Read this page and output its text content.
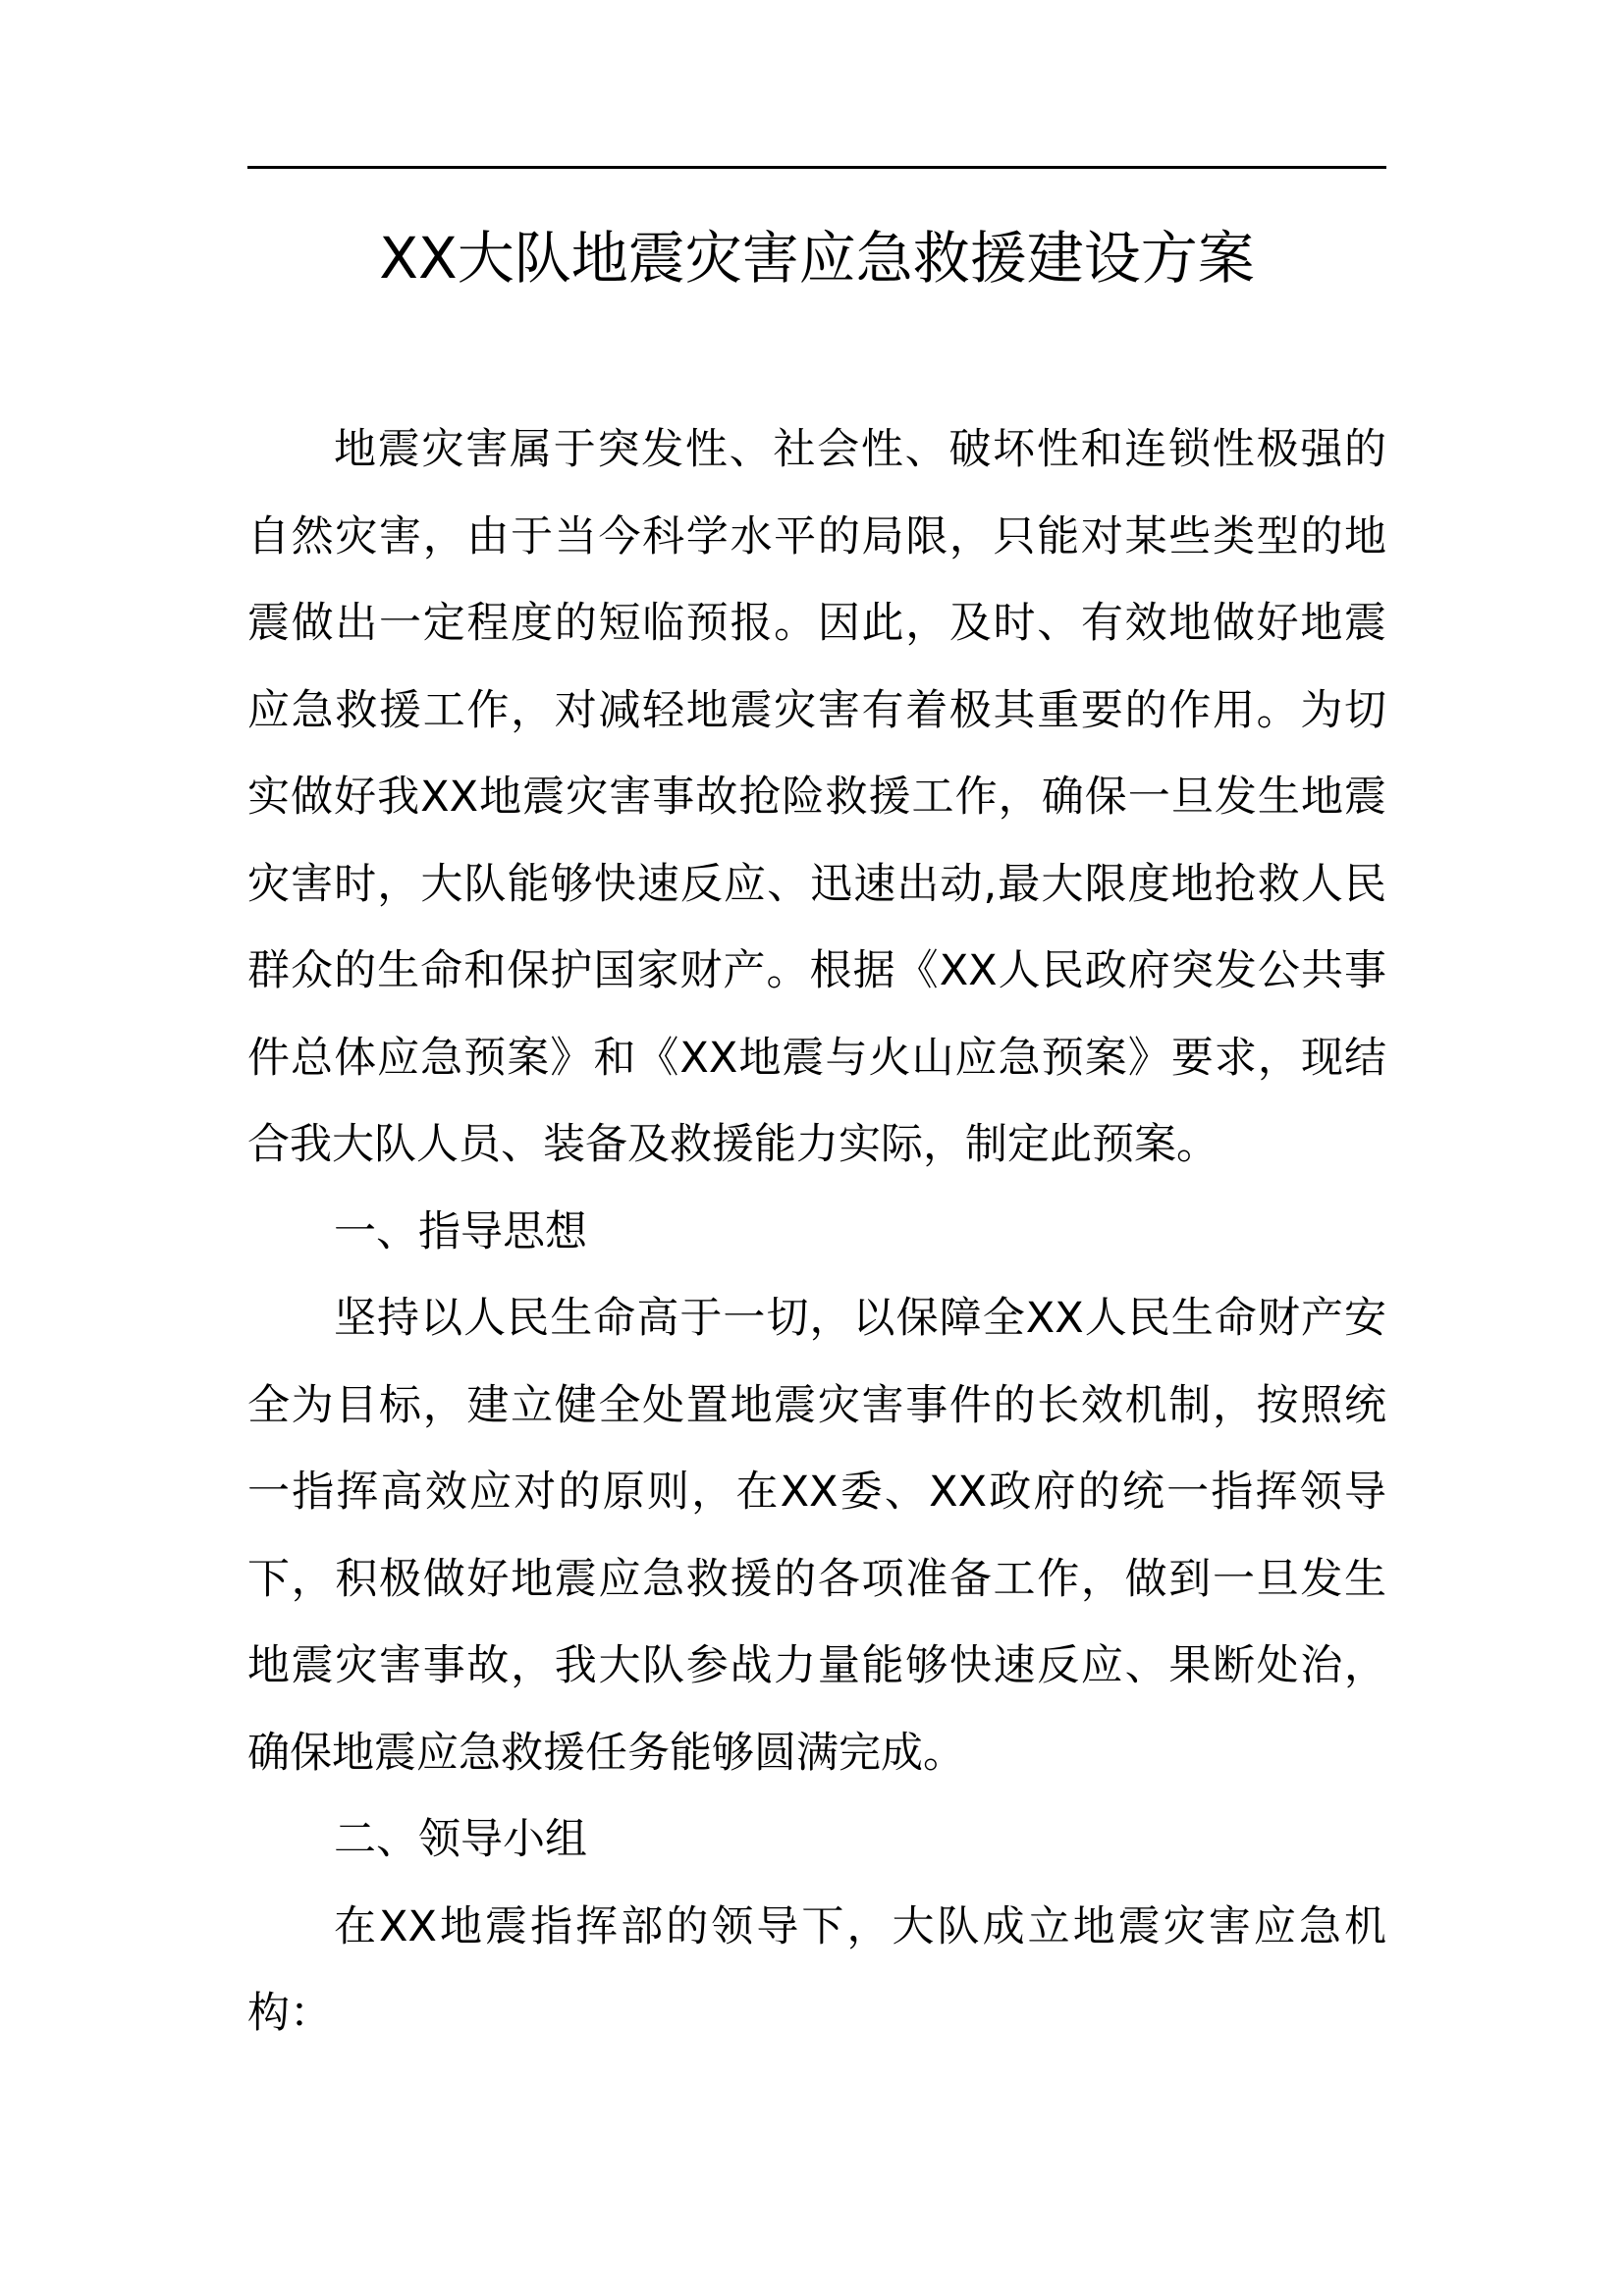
XX大队地震灾害应急救援建设方案

地震灾害属于突发性、社会性、破坏性和连锁性极强的自然灾害，由于当今科学水平的局限，只能对某些类型的地震做出一定程度的短临预报。因此，及时、有效地做好地震应急救援工作，对减轻地震灾害有着极其重要的作用。为切实做好我XX地震灾害事故抢险救援工作，确保一旦发生地震灾害时，大队能够快速反应、迅速出动,最大限度地抢救人民群众的生命和保护国家财产。根据《XX人民政府突发公共事件总体应急预案》和《XX地震与火山应急预案》要求，现结合我大队人员、装备及救援能力实际，制定此预案。

一、指导思想

坚持以人民生命高于一切，以保障全XX人民生命财产安全为目标，建立健全处置地震灾害事件的长效机制，按照统一指挥高效应对的原则，在XX委、XX政府的统一指挥领导下，积极做好地震应急救援的各项准备工作，做到一旦发生地震灾害事故，我大队参战力量能够快速反应、果断处治，确保地震应急救援任务能够圆满完成。

二、领导小组

在XX地震指挥部的领导下，大队成立地震灾害应急机构：
